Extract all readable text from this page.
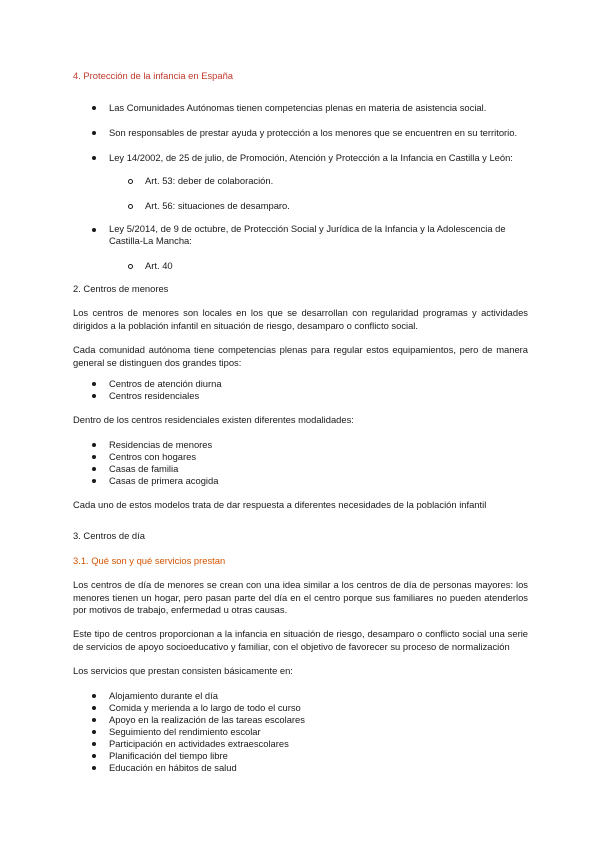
4. Protección de la infancia en España
Las Comunidades Autónomas tienen competencias plenas en materia de asistencia social.
Son responsables de prestar ayuda y protección a los menores que se encuentren en su territorio.
Ley 14/2002, de 25 de julio, de Promoción, Atención y Protección a la Infancia en Castilla y León:
Art. 53: deber de colaboración.
Art. 56: situaciones de desamparo.
Ley 5/2014, de 9 de octubre, de Protección Social y Jurídica de la Infancia y la Adolescencia de Castilla-La Mancha:
Art. 40
2. Centros de menores
Los centros de menores son locales en los que se desarrollan con regularidad programas y actividades dirigidos a la población infantil en situación de riesgo, desamparo o conflicto social.
Cada comunidad autónoma tiene competencias plenas para regular estos equipamientos, pero de manera general se distinguen dos grandes tipos:
Centros de atención diurna
Centros residenciales
Dentro de los centros residenciales existen diferentes modalidades:
Residencias de menores
Centros con hogares
Casas de familia
Casas de primera acogida
Cada uno de estos modelos trata de dar respuesta a diferentes necesidades de la población infantil
3. Centros de día
3.1. Qué son y qué servicios prestan
Los centros de día de menores se crean con una idea similar a los centros de día de personas mayores: los menores tienen un hogar, pero pasan parte del día en el centro porque sus familiares no pueden atenderlos por motivos de trabajo, enfermedad u otras causas.
Este tipo de centros proporcionan a la infancia en situación de riesgo, desamparo o conflicto social una serie de servicios de apoyo socioeducativo y familiar, con el objetivo de favorecer su proceso de normalización
Los servicios que prestan consisten básicamente en:
Alojamiento durante el día
Comida y merienda a lo largo de todo el curso
Apoyo en la realización de las tareas escolares
Seguimiento del rendimiento escolar
Participación en actividades extraescolares
Planificación del tiempo libre
Educación en hábitos de salud
